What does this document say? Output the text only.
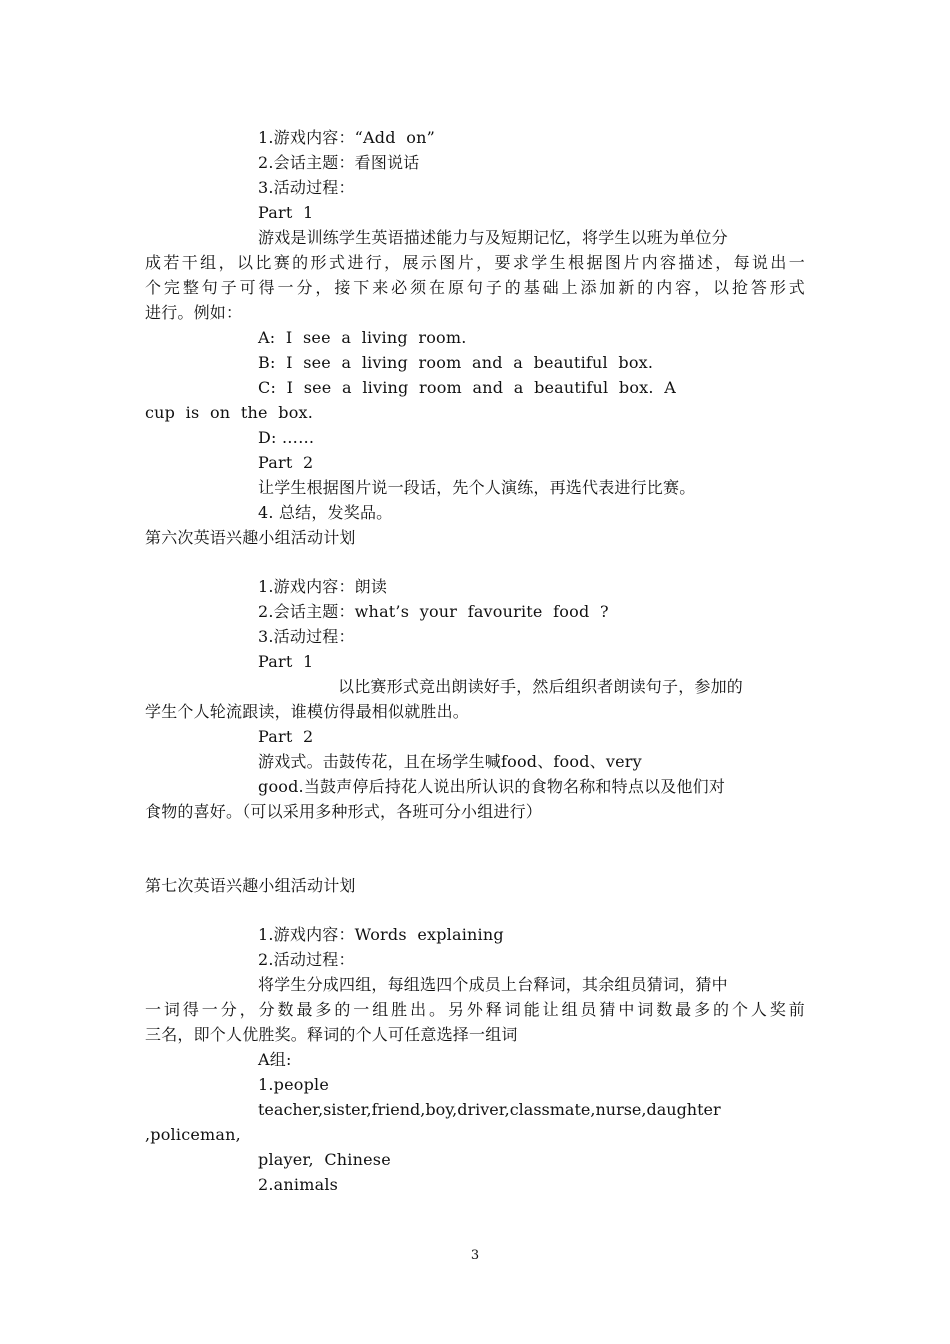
1.游戏内容：“Add  on”
2.会话主题：看图说话
3.活动过程：
Part  1
游戏是训练学生英语描述能力与及短期记忆，将学生以班为单位分
成若干组，以比赛的形式进行，展示图片，要求学生根据图片内容描述，每说出一
个完整句子可得一分，接下来必须在原句子的基础上添加新的内容，以抢答形式
进行。例如：
A:  I  see  a  living  room.
B:  I  see  a  living  room  and  a  beautiful  box.
C:  I  see  a  living  room  and  a  beautiful  box.  A
cup  is  on  the  box.
D: ……
Part  2
让学生根据图片说一段话，先个人演练，再选代表进行比赛。
4. 总结，发奖品。
第六次英语兴趣小组活动计划
1.游戏内容：朗读
2.会话主题：what’s  your  favourite  food  ?
3.活动过程：
Part  1
以比赛形式竞出朗读好手，然后组织者朗读句子，参加的
学生个人轮流跟读，谁模仿得最相似就胜出。
Part  2
游戏式。击鼓传花，且在场学生喊food、food、very
good.当鼓声停后持花人说出所认识的食物名称和特点以及他们对
食物的喜好。（可以采用多种形式，各班可分小组进行）
第七次英语兴趣小组活动计划
1.游戏内容：Words  explaining
2.活动过程：
将学生分成四组，每组选四个成员上台释词，其余组员猜词，猜中
一词得一分，分数最多的一组胜出。另外释词能让组员猜中词数最多的个人奖前
三名，即个人优胜奖。释词的个人可任意选择一组词
A组:
1.people
teacher,sister,friend,boy,driver,classmate,nurse,daughter
,policeman,
player,  Chinese
2.animals
3
